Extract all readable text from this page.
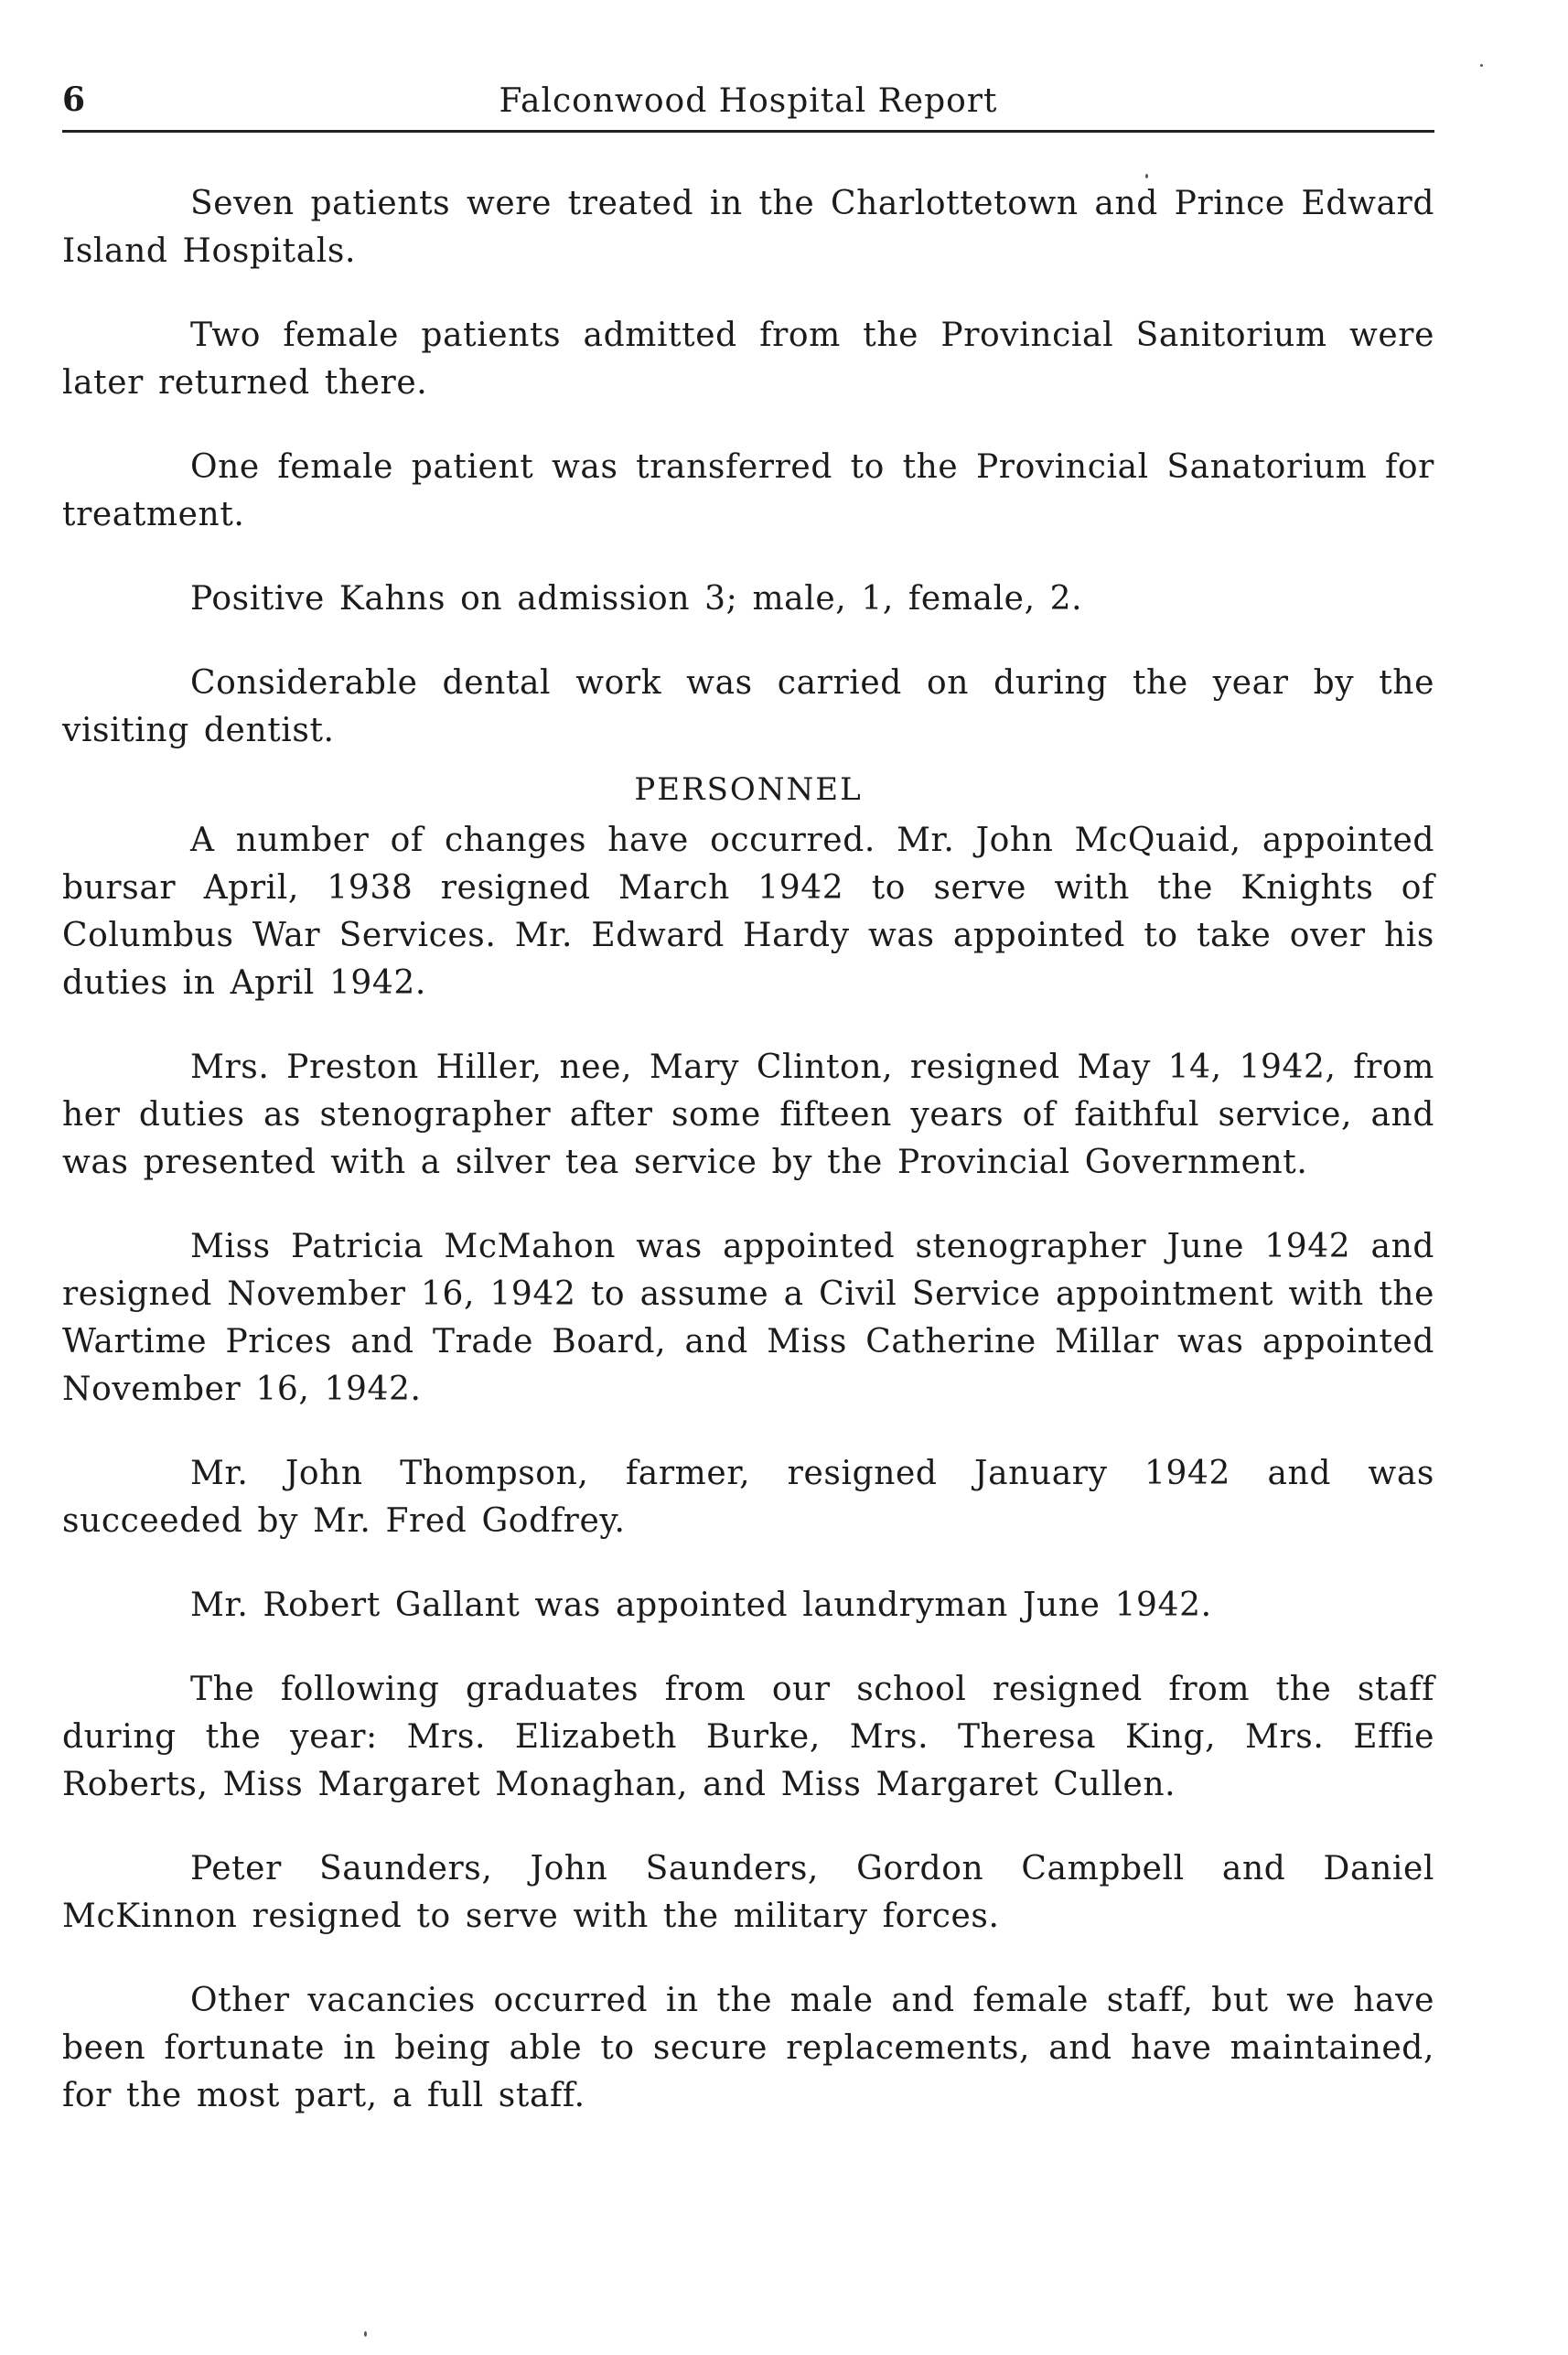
6	Falconwood Hospital Report

Seven patients were treated in the Charlottetown and Prince Edward Island Hospitals.

Two female patients admitted from the Provincial Sanitorium were later returned there.

One female patient was transferred to the Provincial Sanatorium for treatment.

Positive Kahns on admission 3; male, 1, female, 2.

Considerable dental work was carried on during the year by the visiting dentist.

PERSONNEL

A number of changes have occurred. Mr. John McQuaid, appointed bursar April, 1938 resigned March 1942 to serve with the Knights of Columbus War Services. Mr. Edward Hardy was appointed to take over his duties in April 1942.

Mrs. Preston Hiller, nee, Mary Clinton, resigned May 14, 1942, from her duties as stenographer after some fifteen years of faithful service, and was presented with a silver tea service by the Provincial Government.

Miss Patricia McMahon was appointed stenographer June 1942 and resigned November 16, 1942 to assume a Civil Service appointment with the Wartime Prices and Trade Board, and Miss Catherine Millar was appointed November 16, 1942.

Mr. John Thompson, farmer, resigned January 1942 and was succeeded by Mr. Fred Godfrey.

Mr. Robert Gallant was appointed laundryman June 1942.

The following graduates from our school resigned from the staff during the year: Mrs. Elizabeth Burke, Mrs. Theresa King, Mrs. Effie Roberts, Miss Margaret Monaghan, and Miss Margaret Cullen.

Peter Saunders, John Saunders, Gordon Campbell and Daniel McKinnon resigned to serve with the military forces.

Other vacancies occurred in the male and female staff, but we have been fortunate in being able to secure replacements, and have maintained, for the most part, a full staff.
